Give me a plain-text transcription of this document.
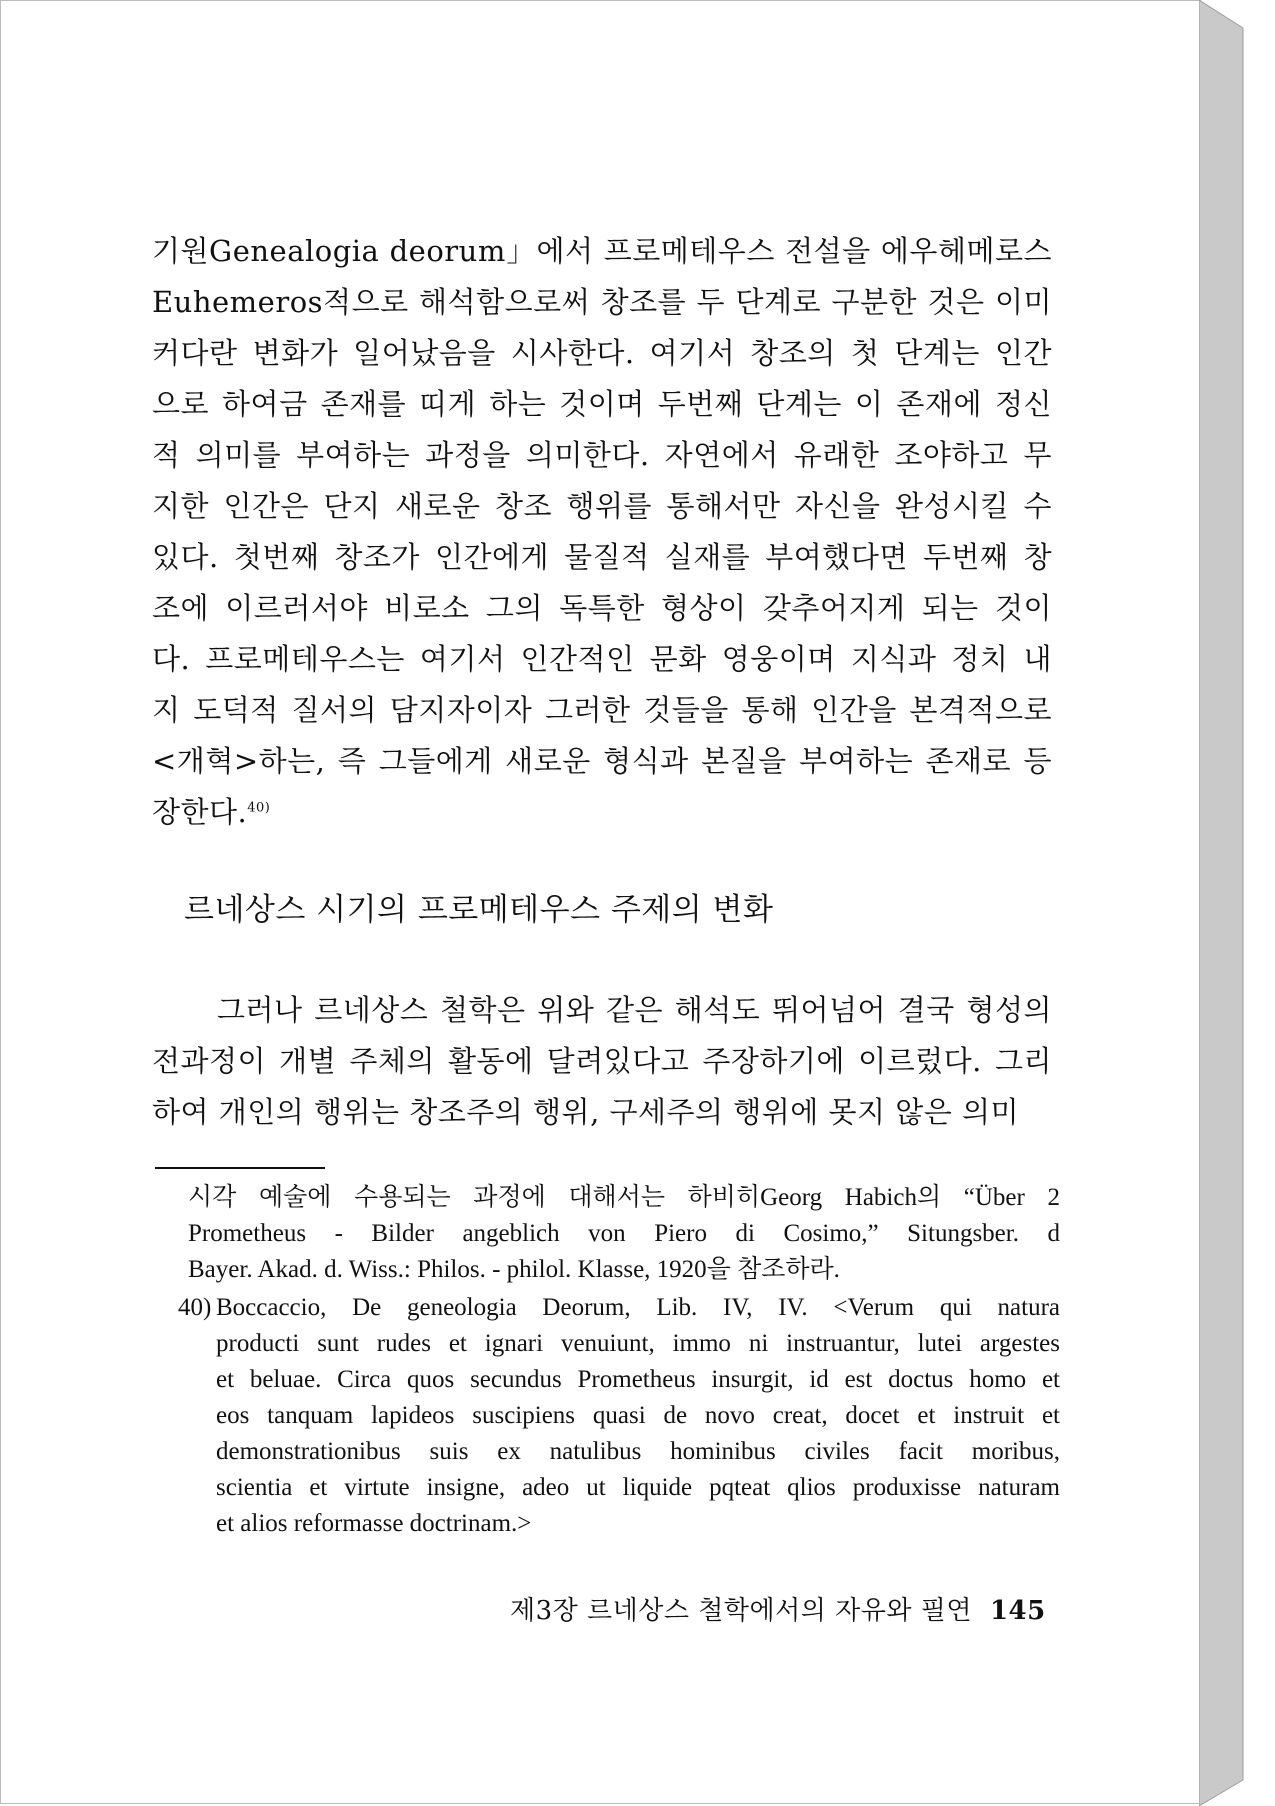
기원Genealogia deorum」에서 프로메테우스 전설을 에우헤메로스
Euhemeros적으로 해석함으로써 창조를 두 단계로 구분한 것은 이미
커다란 변화가 일어났음을 시사한다. 여기서 창조의 첫 단계는 인간
으로 하여금 존재를 띠게 하는 것이며 두번째 단계는 이 존재에 정신
적 의미를 부여하는 과정을 의미한다. 자연에서 유래한 조야하고 무
지한 인간은 단지 새로운 창조 행위를 통해서만 자신을 완성시킬 수
있다. 첫번째 창조가 인간에게 물질적 실재를 부여했다면 두번째 창
조에 이르러서야 비로소 그의 독특한 형상이 갖추어지게 되는 것이
다. 프로메테우스는 여기서 인간적인 문화 영웅이며 지식과 정치 내
지 도덕적 질서의 담지자이자 그러한 것들을 통해 인간을 본격적으로
<개혁>하는, 즉 그들에게 새로운 형식과 본질을 부여하는 존재로 등
장한다.$^{40)}$

르네상스 시기의 프로메테우스 주제의 변화

그러나 르네상스 철학은 위와 같은 해석도 뛰어넘어 결국 형성의
전과정이 개별 주체의 활동에 달려있다고 주장하기에 이르렀다. 그리
하여 개인의 행위는 창조주의 행위, 구세주의 행위에 못지 않은 의미

시각 예술에 수용되는 과정에 대해서는 하비히Georg Habich의 “Über 2
Prometheus - Bilder angeblich von Piero di Cosimo,” Situngsber. d
Bayer. Akad. d. Wiss.: Philos. - philol. Klasse, 1920을 참조하라.
40) Boccaccio, De geneologia Deorum, Lib. IV, IV. <Verum qui natura
producti sunt rudes et ignari venuiunt, immo ni instruantur, lutei argestes
et beluae. Circa quos secundus Prometheus insurgit, id est doctus homo et
eos tanquam lapideos suscipiens quasi de novo creat, docet et instruit et
demonstrationibus suis ex natulibus hominibus civiles facit moribus,
scientia et virtute insigne, adeo ut liquide pqteat qlios produxisse naturam
et alios reformasse doctrinam.>
제3장 르네상스 철학에서의 자유와 필연 145
